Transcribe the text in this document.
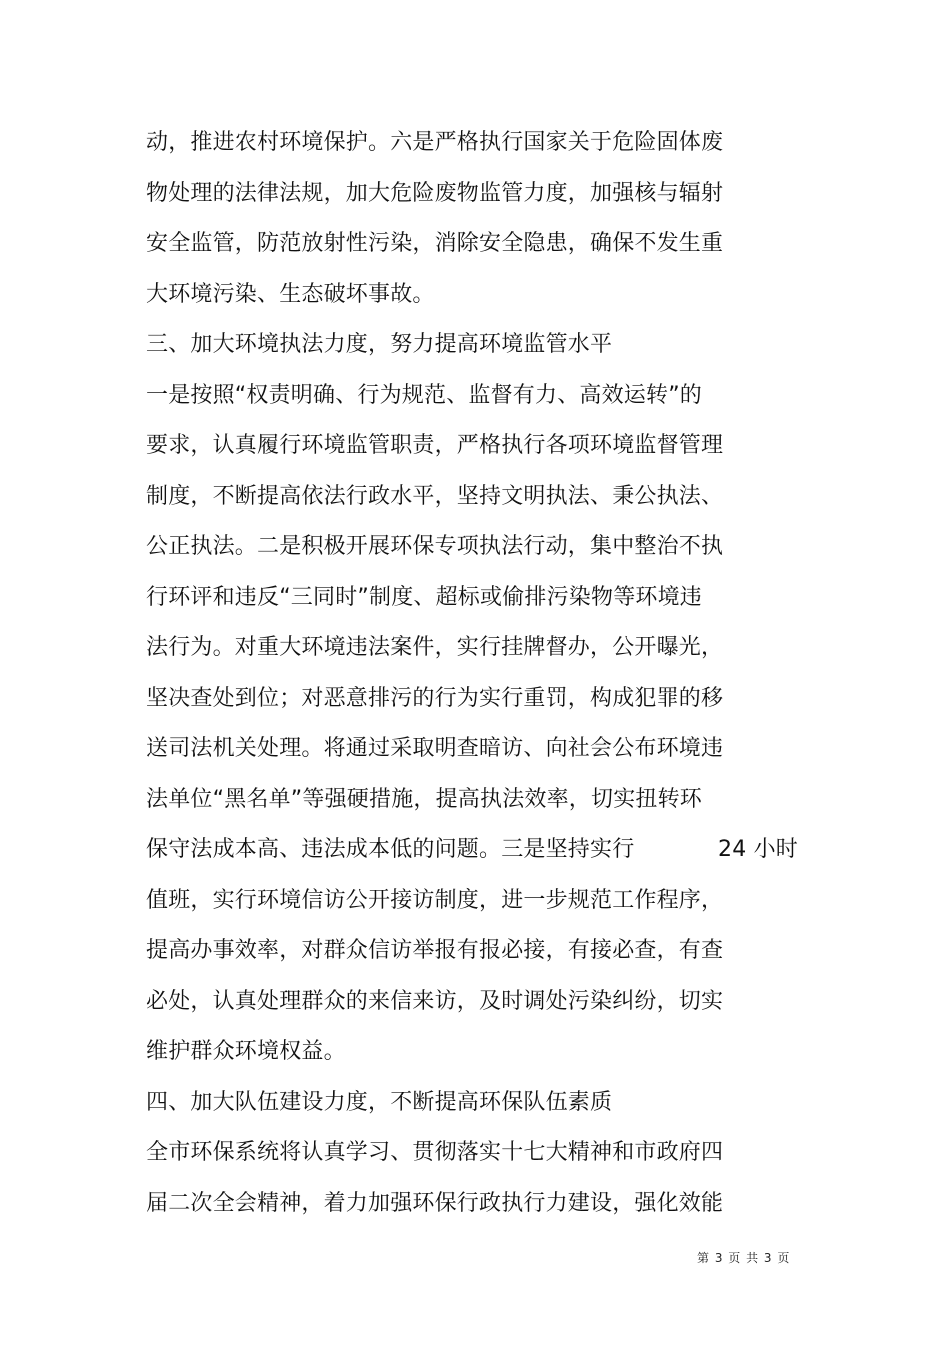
动，推进农村环境保护。六是严格执行国家关于危险固体废
物处理的法律法规，加大危险废物监管力度，加强核与辐射
安全监管，防范放射性污染，消除安全隐患，确保不发生重
大环境污染、生态破坏事故。
三、加大环境执法力度，努力提高环境监管水平
一是按照“权责明确、行为规范、监督有力、高效运转”的
要求，认真履行环境监管职责，严格执行各项环境监督管理
制度，不断提高依法行政水平，坚持文明执法、秉公执法、
公正执法。二是积极开展环保专项执法行动，集中整治不执
行环评和违反“三同时”制度、超标或偷排污染物等环境违
法行为。对重大环境违法案件，实行挂牌督办，公开曝光，
坚决查处到位；对恶意排污的行为实行重罚，构成犯罪的移
送司法机关处理。将通过采取明查暗访、向社会公布环境违
法单位“黑名单”等强硬措施，提高执法效率，切实扭转环
保守法成本高、违法成本低的问题。三是坚持实行	24 小时
值班，实行环境信访公开接访制度，进一步规范工作程序，
提高办事效率，对群众信访举报有报必接，有接必查，有查
必处，认真处理群众的来信来访，及时调处污染纠纷，切实
维护群众环境权益。
四、加大队伍建设力度，不断提高环保队伍素质
全市环保系统将认真学习、贯彻落实十七大精神和市政府四
届二次全会精神，着力加强环保行政执行力建设，强化效能
第 3 页 共 3 页
